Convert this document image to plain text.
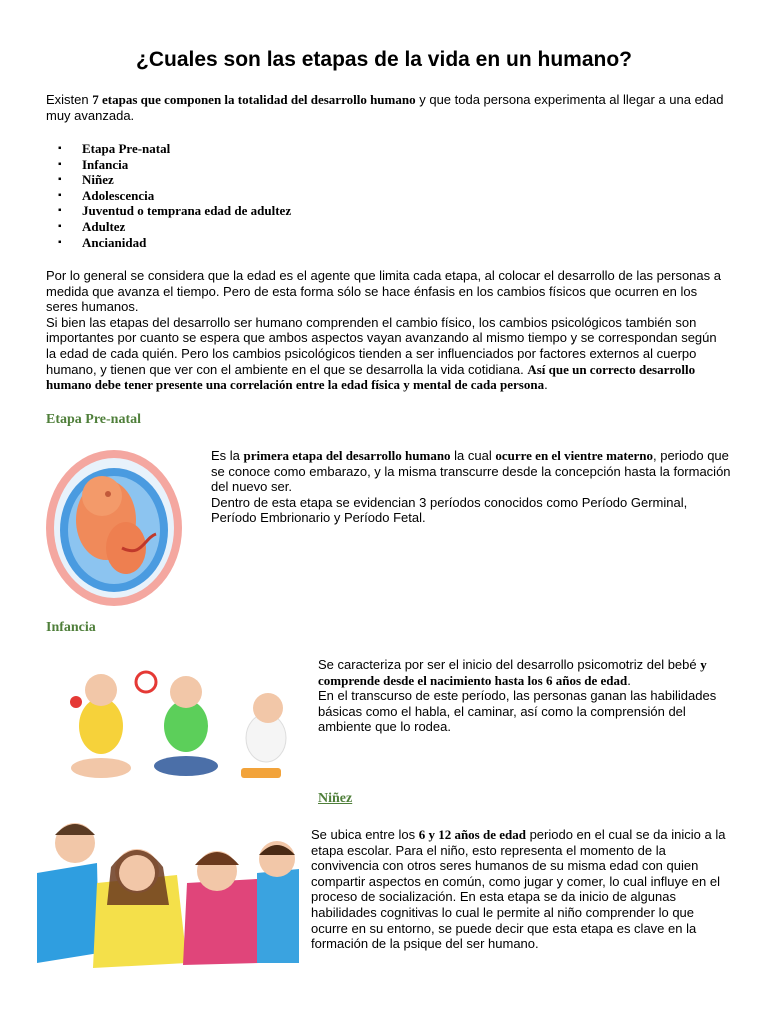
¿Cuales son las etapas de la vida en un humano?
Existen 7 etapas que componen la totalidad del desarrollo humano y que toda persona experimenta al llegar a una edad muy avanzada.
▪ Etapa Pre-natal
▪ Infancia
▪ Niñez
▪ Adolescencia
▪ Juventud o temprana edad de adultez
▪ Adultez
▪ Ancianidad
Por lo general se considera que la edad es el agente que limita cada etapa, al colocar el desarrollo de las personas a medida que avanza el tiempo. Pero de esta forma sólo se hace énfasis en los cambios físicos que ocurren en los seres humanos.
Si bien las etapas del desarrollo ser humano comprenden el cambio físico, los cambios psicológicos también son importantes por cuanto se espera que ambos aspectos vayan avanzando al mismo tiempo y se correspondan según la edad de cada quién. Pero los cambios psicológicos tienden a ser influenciados por factores externos al cuerpo humano, y tienen que ver con el ambiente en el que se desarrolla la vida cotidiana. Así que un correcto desarrollo humano debe tener presente una correlación entre la edad física y mental de cada persona.
Etapa Pre-natal
Es la primera etapa del desarrollo humano la cual ocurre en el vientre materno, periodo que se conoce como embarazo, y la misma transcurre desde la concepción hasta la formación del nuevo ser.
Dentro de esta etapa se evidencian 3 períodos conocidos como Período Germinal, Período Embrionario y Período Fetal.
Infancia
Se caracteriza por ser el inicio del desarrollo psicomotriz del bebé y comprende desde el nacimiento hasta los 6 años de edad.
En el transcurso de este período, las personas ganan las habilidades básicas como el habla, el caminar, así como la comprensión del ambiente que lo rodea.
Niñez
Se ubica entre los 6 y 12 años de edad periodo en el cual se da inicio a la etapa escolar. Para el niño, esto representa el momento de la convivencia con otros seres humanos de su misma edad con quien compartir aspectos en común, como jugar y comer, lo cual influye en el proceso de socialización. En esta etapa se da inicio de algunas habilidades cognitivas lo cual le permite al niño comprender lo que ocurre en su entorno, se puede decir que esta etapa es clave en la formación de la psique del ser humano.
